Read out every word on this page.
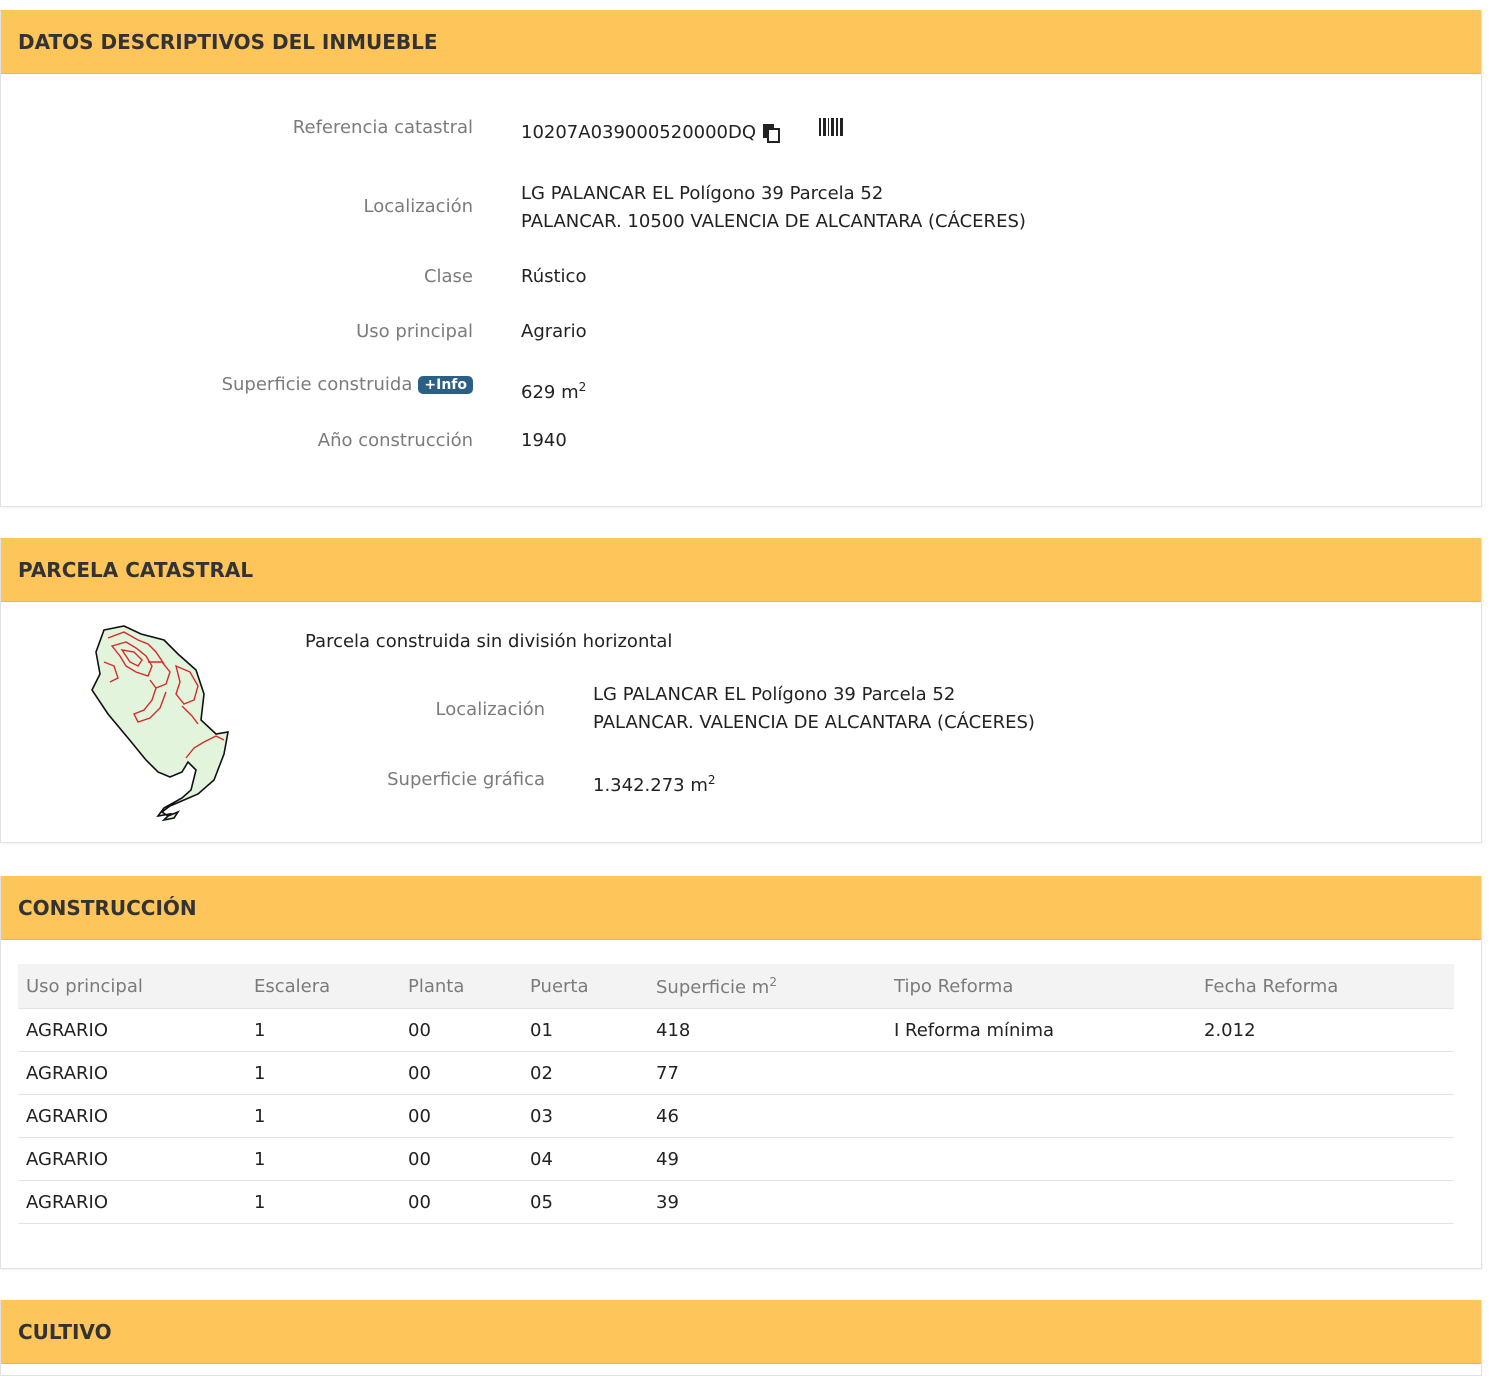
DATOS DESCRIPTIVOS DEL INMUEBLE
Referencia catastral	10207A039000520000DQ
Localización
LG PALANCAR EL Polígono 39 Parcela 52
PALANCAR. 10500 VALENCIA DE ALCANTARA (CÁCERES)
Clase	Rústico
Uso principal	Agrario
Superficie construida +Info	629 $m^2$
Año construcción	1940
PARCELA CATASTRAL
Parcela construida sin división horizontal
Localización
LG PALANCAR EL Polígono 39 Parcela 52
PALANCAR. VALENCIA DE ALCANTARA (CÁCERES)
Superficie gráfica	1.342.273 $m^2$
CONSTRUCCIÓN
Uso principal	Escalera	Planta	Puerta	Superficie $m^2$	Tipo Reforma	Fecha Reforma
AGRARIO	1	00	01	418	I Reforma mínima	2.012
AGRARIO	1	00	02	77		
AGRARIO	1	00	03	46		
AGRARIO	1	00	04	49		
AGRARIO	1	00	05	39		
CULTIVO
